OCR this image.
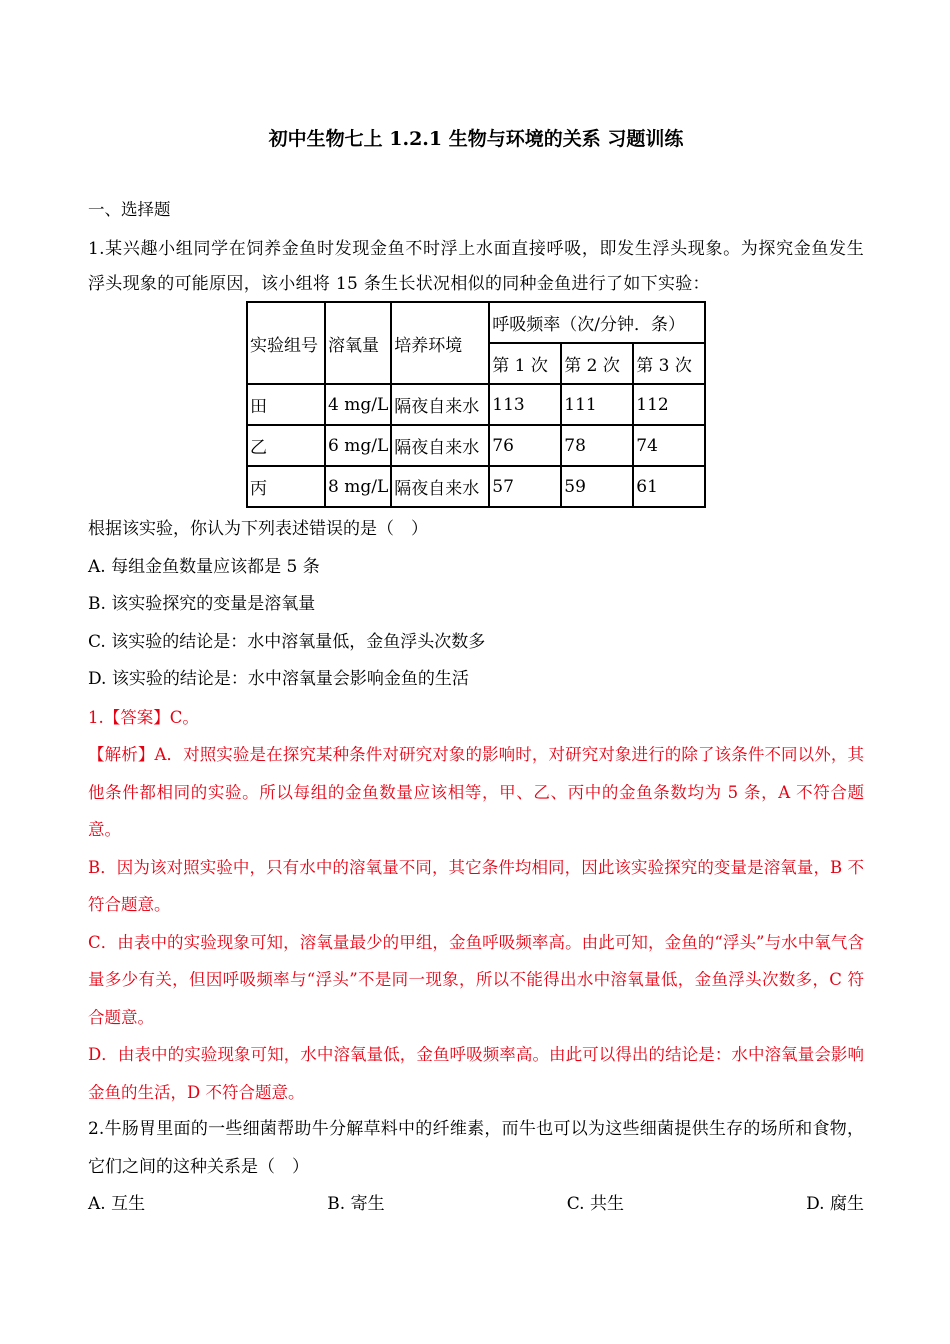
初中生物七上 1.2.1 生物与环境的关系 习题训练
一、选择题
1.某兴趣小组同学在饲养金鱼时发现金鱼不时浮上水面直接呼吸，即发生浮头现象。为探究金鱼发生浮头现象的可能原因，该小组将 15 条生长状况相似的同种金鱼进行了如下实验：
实验组号	溶氧量	培养环境	呼吸频率（次/分钟．条）		
			第 1 次	第 2 次	第 3 次
田	4 mg/L	隔夜自来水	113	111	112
乙	6 mg/L	隔夜自来水	76	78	74
丙	8 mg/L	隔夜自来水	57	59	61

根据该实验，你认为下列表述错误的是（　）

A. 每组金鱼数量应该都是 5 条

B. 该实验探究的变量是溶氧量

C. 该实验的结论是：水中溶氧量低，金鱼浮头次数多

D. 该实验的结论是：水中溶氧量会影响金鱼的生活

1.【答案】C。

【解析】A．对照实验是在探究某种条件对研究对象的影响时，对研究对象进行的除了该条件不同以外，其他条件都相同的实验。所以每组的金鱼数量应该相等，甲、乙、丙中的金鱼条数均为 5 条，A 不符合题意。

B．因为该对照实验中，只有水中的溶氧量不同，其它条件均相同，因此该实验探究的变量是溶氧量，B 不符合题意。

C．由表中的实验现象可知，溶氧量最少的甲组，金鱼呼吸频率高。由此可知，金鱼的“浮头”与水中氧气含量多少有关，但因呼吸频率与“浮头”不是同一现象，所以不能得出水中溶氧量低，金鱼浮头次数多，C 符合题意。

D．由表中的实验现象可知，水中溶氧量低，金鱼呼吸频率高。由此可以得出的结论是：水中溶氧量会影响金鱼的生活，D 不符合题意。

2.牛肠胃里面的一些细菌帮助牛分解草料中的纤维素，而牛也可以为这些细菌提供生存的场所和食物，它们之间的这种关系是（　）

A. 互生	B. 寄生	C. 共生	D. 腐生
